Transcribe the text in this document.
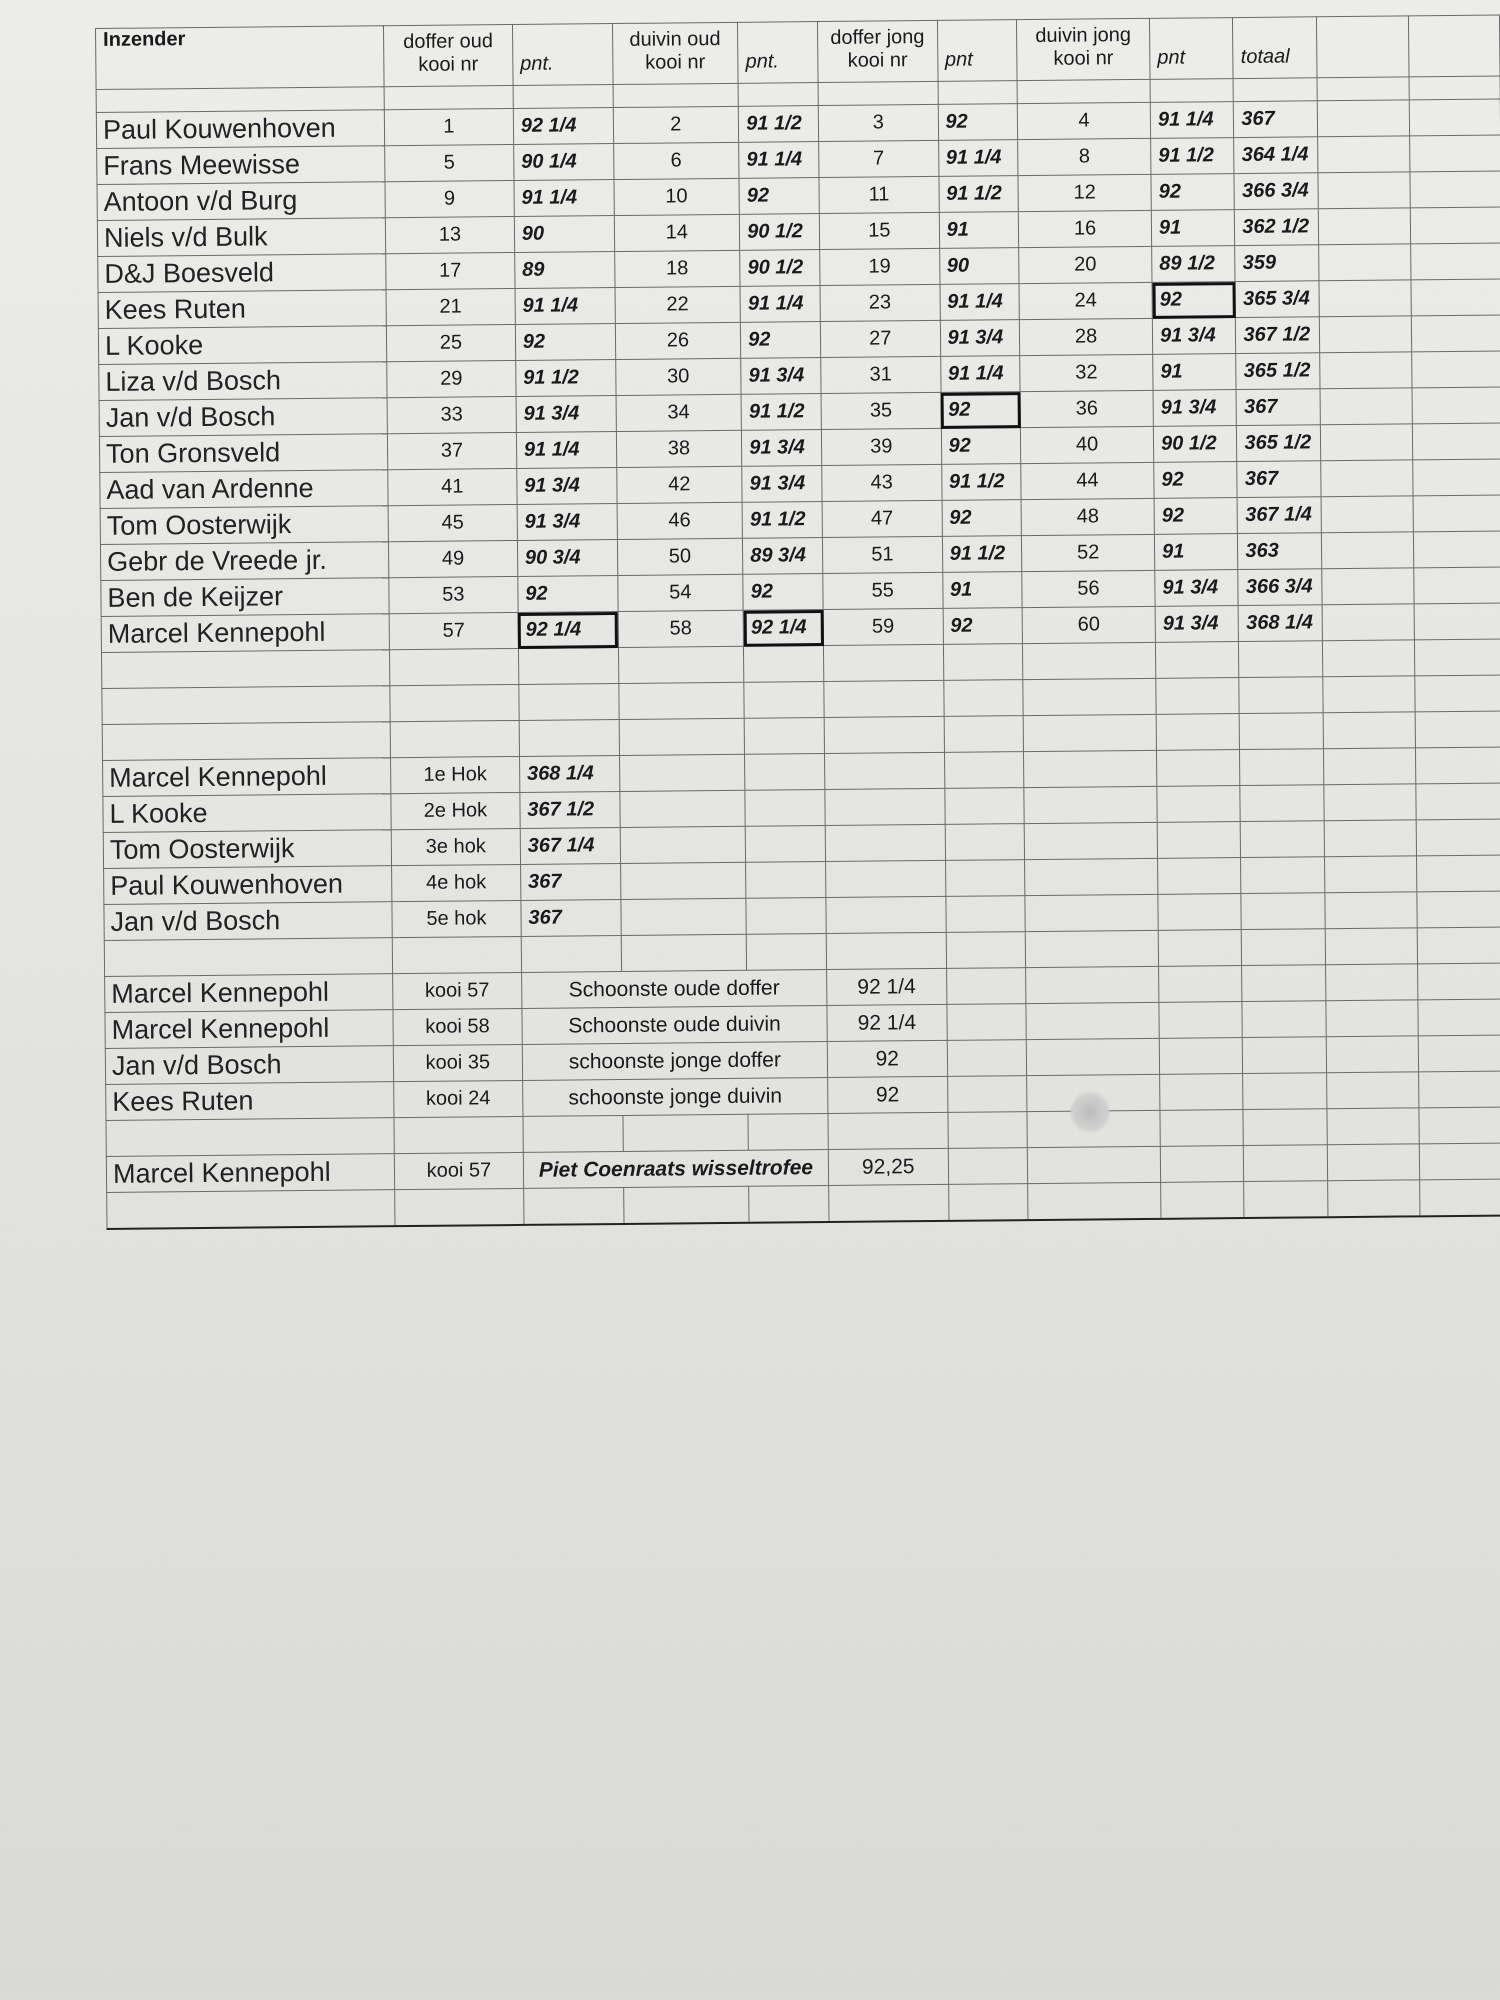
Inzender	doffer oud		duivin oud		doffer jong		duivin jong				
	kooi nr	pnt.	kooi nr	pnt.	kooi nr	pnt	kooi nr	pnt	totaal		

Paul Kouwenhoven	1	92 1/4	2	91 1/2	3	92	4	91 1/4	367		
Frans Meewisse	5	90 1/4	6	91 1/4	7	91 1/4	8	91 1/2	364 1/4		
Antoon v/d Burg	9	91 1/4	10	92	11	91 1/2	12	92	366 3/4		
Niels v/d Bulk	13	90	14	90 1/2	15	91	16	91	362 1/2		
D&J Boesveld	17	89	18	90 1/2	19	90	20	89 1/2	359		
Kees Ruten	21	91 1/4	22	91 1/4	23	91 1/4	24	92	365 3/4		
L Kooke	25	92	26	92	27	91 3/4	28	91 3/4	367 1/2		
Liza v/d Bosch	29	91 1/2	30	91 3/4	31	91 1/4	32	91	365 1/2		
Jan v/d Bosch	33	91 3/4	34	91 1/2	35	92	36	91 3/4	367		
Ton Gronsveld	37	91 1/4	38	91 3/4	39	92	40	90 1/2	365 1/2		
Aad van Ardenne	41	91 3/4	42	91 3/4	43	91 1/2	44	92	367		
Tom Oosterwijk	45	91 3/4	46	91 1/2	47	92	48	92	367 1/4		
Gebr de Vreede jr.	49	90 3/4	50	89 3/4	51	91 1/2	52	91	363		
Ben de Keijzer	53	92	54	92	55	91	56	91 3/4	366 3/4		
Marcel Kennepohl	57	92 1/4	58	92 1/4	59	92	60	91 3/4	368 1/4		

Marcel Kennepohl	1e Hok	368 1/4									
L Kooke	2e Hok	367 1/2									
Tom Oosterwijk	3e hok	367 1/4									
Paul Kouwenhoven	4e hok	367									
Jan v/d Bosch	5e hok	367									

Marcel Kennepohl	kooi 57	Schoonste oude doffer			92 1/4						
Marcel Kennepohl	kooi 58	Schoonste oude duivin			92 1/4						
Jan v/d Bosch	kooi 35	schoonste jonge doffer			92						
Kees Ruten	kooi 24	schoonste jonge duivin			92						

Marcel Kennepohl	kooi 57	Piet Coenraats wisseltrofee			92,25						
